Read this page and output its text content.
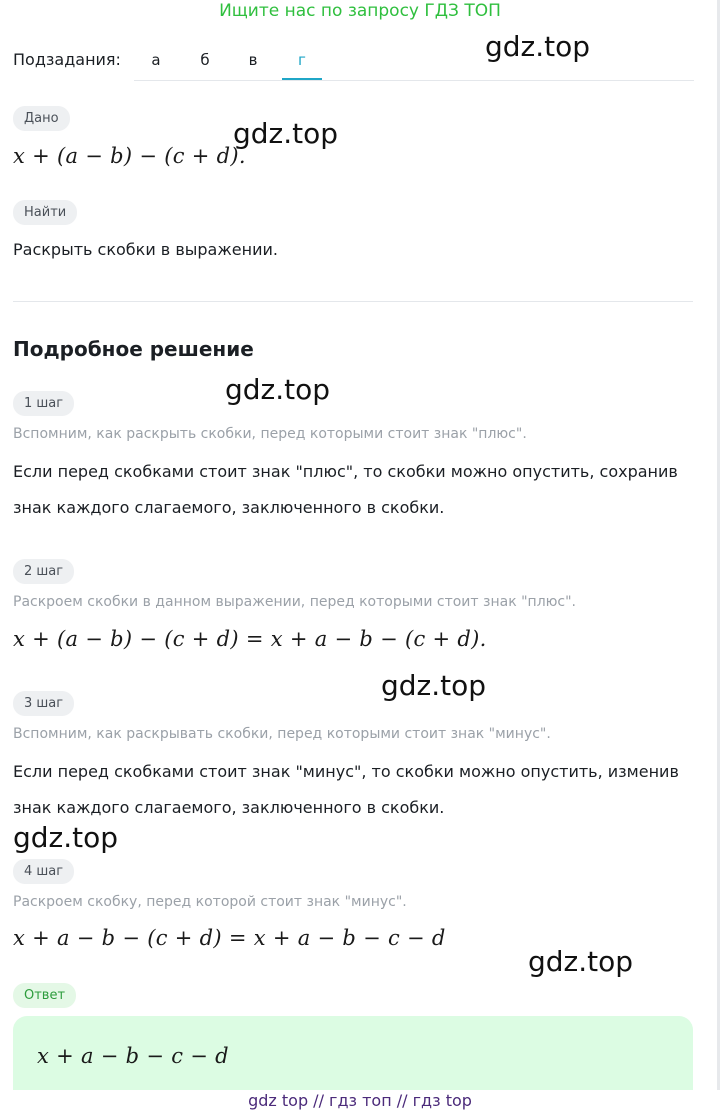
Ищите нас по запросу ГДЗ ТОП
Подзадания:	а	б	в	г
Дано
x + (a − b) − (c + d).
Найти
Раскрыть скобки в выражении.
Подробное решение
1 шаг
Вспомним, как раскрыть скобки, перед которыми стоит знак "плюс".
Если перед скобками стоит знак "плюс", то скобки можно опустить, сохранив знак каждого слагаемого, заключенного в скобки.
2 шаг
Раскроем скобки в данном выражении, перед которыми стоит знак "плюс".
x + (a − b) − (c + d) = x + a − b − (c + d).
3 шаг
Вспомним, как раскрывать скобки, перед которыми стоит знак "минус".
Если перед скобками стоит знак "минус", то скобки можно опустить, изменив знак каждого слагаемого, заключенного в скобки.
4 шаг
Раскроем скобку, перед которой стоит знак "минус".
x + a − b − (c + d) = x + a − b − c − d
Ответ
x + a − b − c − d
gdz.top
gdz.top
gdz.top
gdz.top
gdz.top
gdz.top
gdz top // гдз топ // гдз top
